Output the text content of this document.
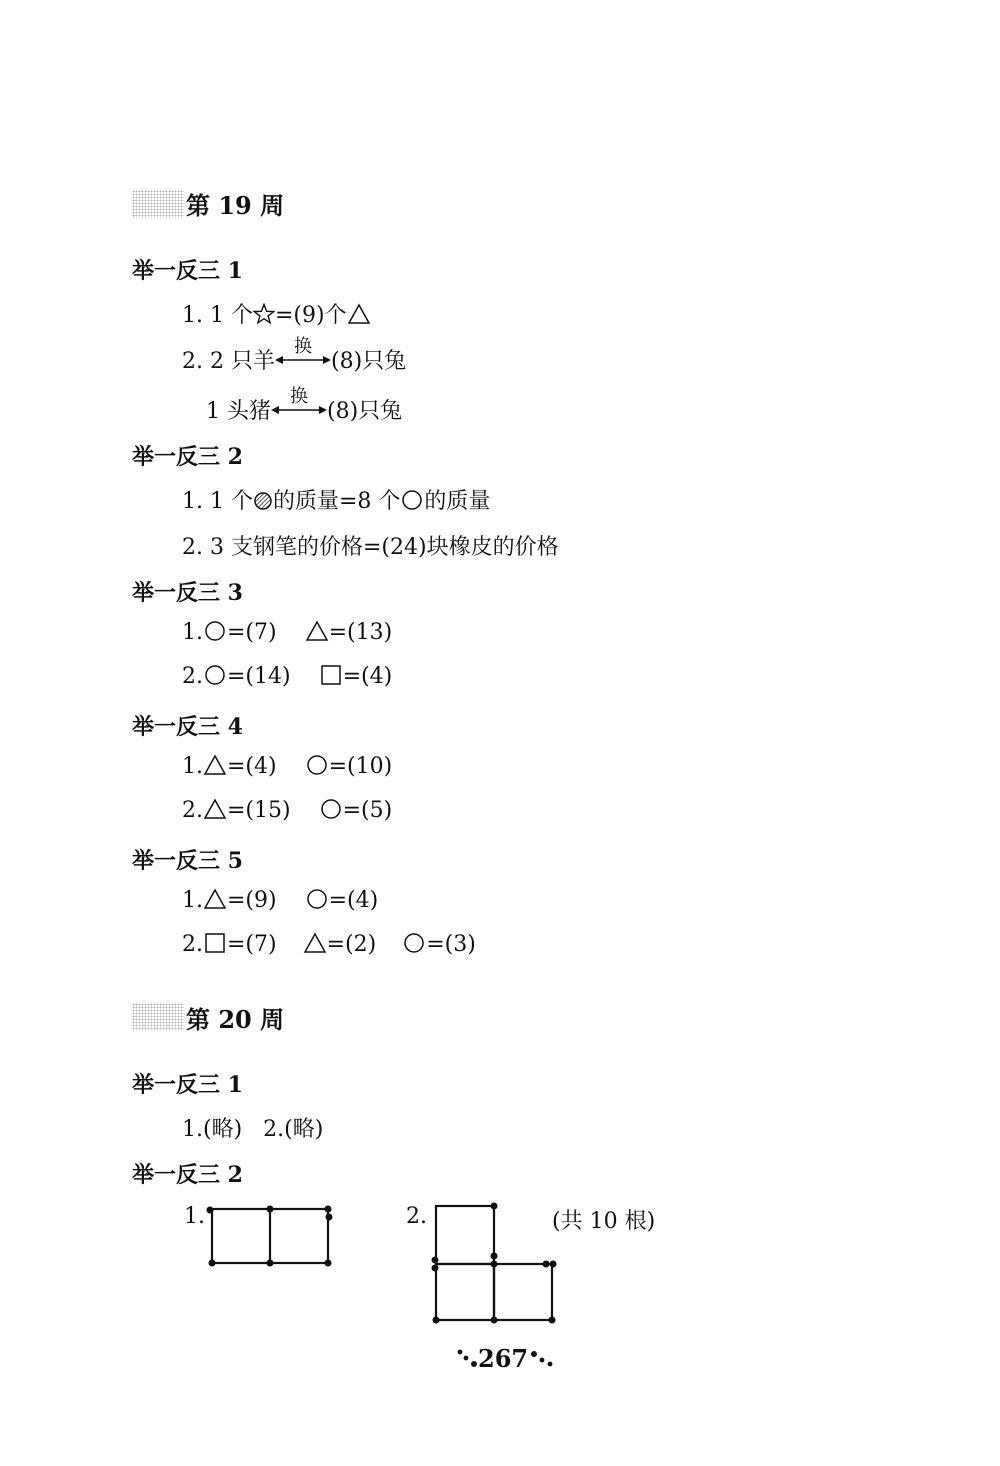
第 19 周
举一反三 1
1. 1 个 =(9)个
2. 2 只羊
换
(8)只兔
1 头猪
换
(8)只兔
举一反三 2
1. 1 个 的质量=8 个 的质量
2. 3 支钢笔的价格=(24)块橡皮的价格
举一反三 3
1. =(7) =(13)
2. =(14) =(4)
举一反三 4
1. =(4) =(10)
2. =(15) =(5)
举一反三 5
1. =(9) =(4)
2. =(7) =(2) =(3)
第 20 周
举一反三 1
1.(略)   2.(略)
举一反三 2
1.	2.	(共 10 根)
267
